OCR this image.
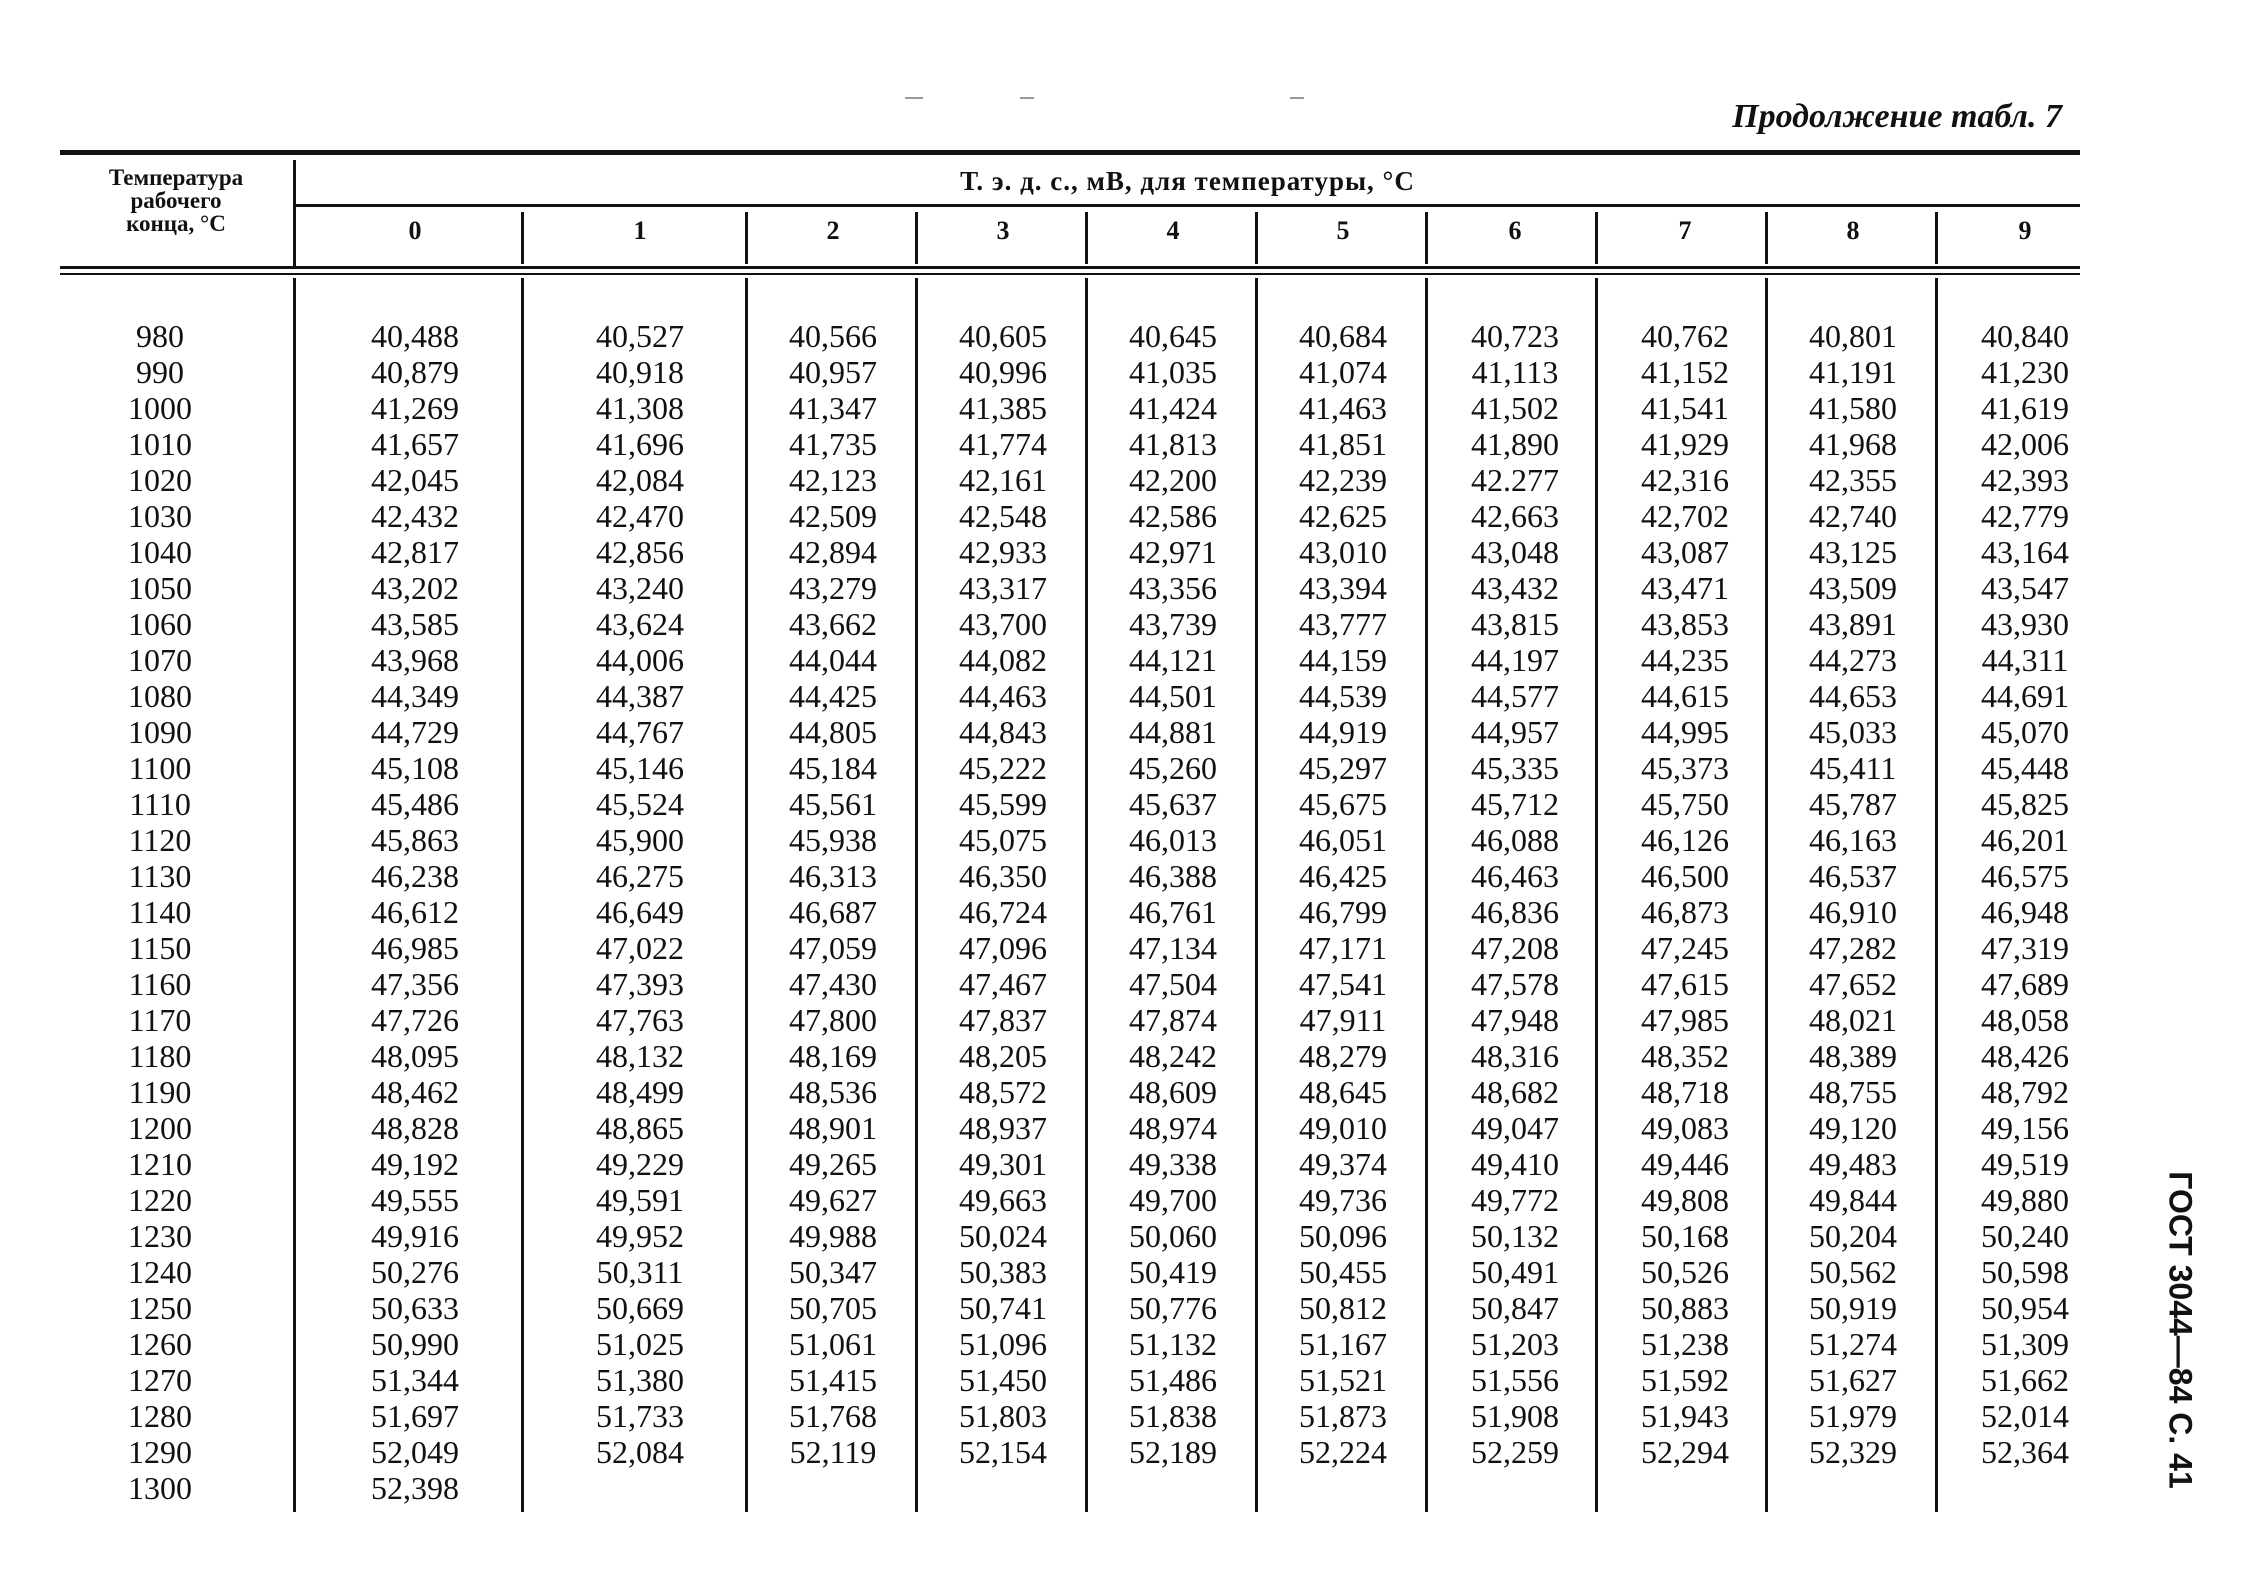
Продолжение табл. 7
Температура
рабочего
конца, °С
Т. э. д. с., мВ, для температуры, °С
0	1	2	3	4	5	6	7	8	9
980	40,488	40,527	40,566	40,605	40,645	40,684	40,723	40,762	40,801	40,840
990	40,879	40,918	40,957	40,996	41,035	41,074	41,113	41,152	41,191	41,230
1000	41,269	41,308	41,347	41,385	41,424	41,463	41,502	41,541	41,580	41,619
1010	41,657	41,696	41,735	41,774	41,813	41,851	41,890	41,929	41,968	42,006
1020	42,045	42,084	42,123	42,161	42,200	42,239	42.277	42,316	42,355	42,393
1030	42,432	42,470	42,509	42,548	42,586	42,625	42,663	42,702	42,740	42,779
1040	42,817	42,856	42,894	42,933	42,971	43,010	43,048	43,087	43,125	43,164
1050	43,202	43,240	43,279	43,317	43,356	43,394	43,432	43,471	43,509	43,547
1060	43,585	43,624	43,662	43,700	43,739	43,777	43,815	43,853	43,891	43,930
1070	43,968	44,006	44,044	44,082	44,121	44,159	44,197	44,235	44,273	44,311
1080	44,349	44,387	44,425	44,463	44,501	44,539	44,577	44,615	44,653	44,691
1090	44,729	44,767	44,805	44,843	44,881	44,919	44,957	44,995	45,033	45,070
1100	45,108	45,146	45,184	45,222	45,260	45,297	45,335	45,373	45,411	45,448
1110	45,486	45,524	45,561	45,599	45,637	45,675	45,712	45,750	45,787	45,825
1120	45,863	45,900	45,938	45,075	46,013	46,051	46,088	46,126	46,163	46,201
1130	46,238	46,275	46,313	46,350	46,388	46,425	46,463	46,500	46,537	46,575
1140	46,612	46,649	46,687	46,724	46,761	46,799	46,836	46,873	46,910	46,948
1150	46,985	47,022	47,059	47,096	47,134	47,171	47,208	47,245	47,282	47,319
1160	47,356	47,393	47,430	47,467	47,504	47,541	47,578	47,615	47,652	47,689
1170	47,726	47,763	47,800	47,837	47,874	47,911	47,948	47,985	48,021	48,058
1180	48,095	48,132	48,169	48,205	48,242	48,279	48,316	48,352	48,389	48,426
1190	48,462	48,499	48,536	48,572	48,609	48,645	48,682	48,718	48,755	48,792
1200	48,828	48,865	48,901	48,937	48,974	49,010	49,047	49,083	49,120	49,156
1210	49,192	49,229	49,265	49,301	49,338	49,374	49,410	49,446	49,483	49,519
1220	49,555	49,591	49,627	49,663	49,700	49,736	49,772	49,808	49,844	49,880
1230	49,916	49,952	49,988	50,024	50,060	50,096	50,132	50,168	50,204	50,240
1240	50,276	50,311	50,347	50,383	50,419	50,455	50,491	50,526	50,562	50,598
1250	50,633	50,669	50,705	50,741	50,776	50,812	50,847	50,883	50,919	50,954
1260	50,990	51,025	51,061	51,096	51,132	51,167	51,203	51,238	51,274	51,309
1270	51,344	51,380	51,415	51,450	51,486	51,521	51,556	51,592	51,627	51,662
1280	51,697	51,733	51,768	51,803	51,838	51,873	51,908	51,943	51,979	52,014
1290	52,049	52,084	52,119	52,154	52,189	52,224	52,259	52,294	52,329	52,364
1300	52,398	ГОСТ 3044—84 С. 41
